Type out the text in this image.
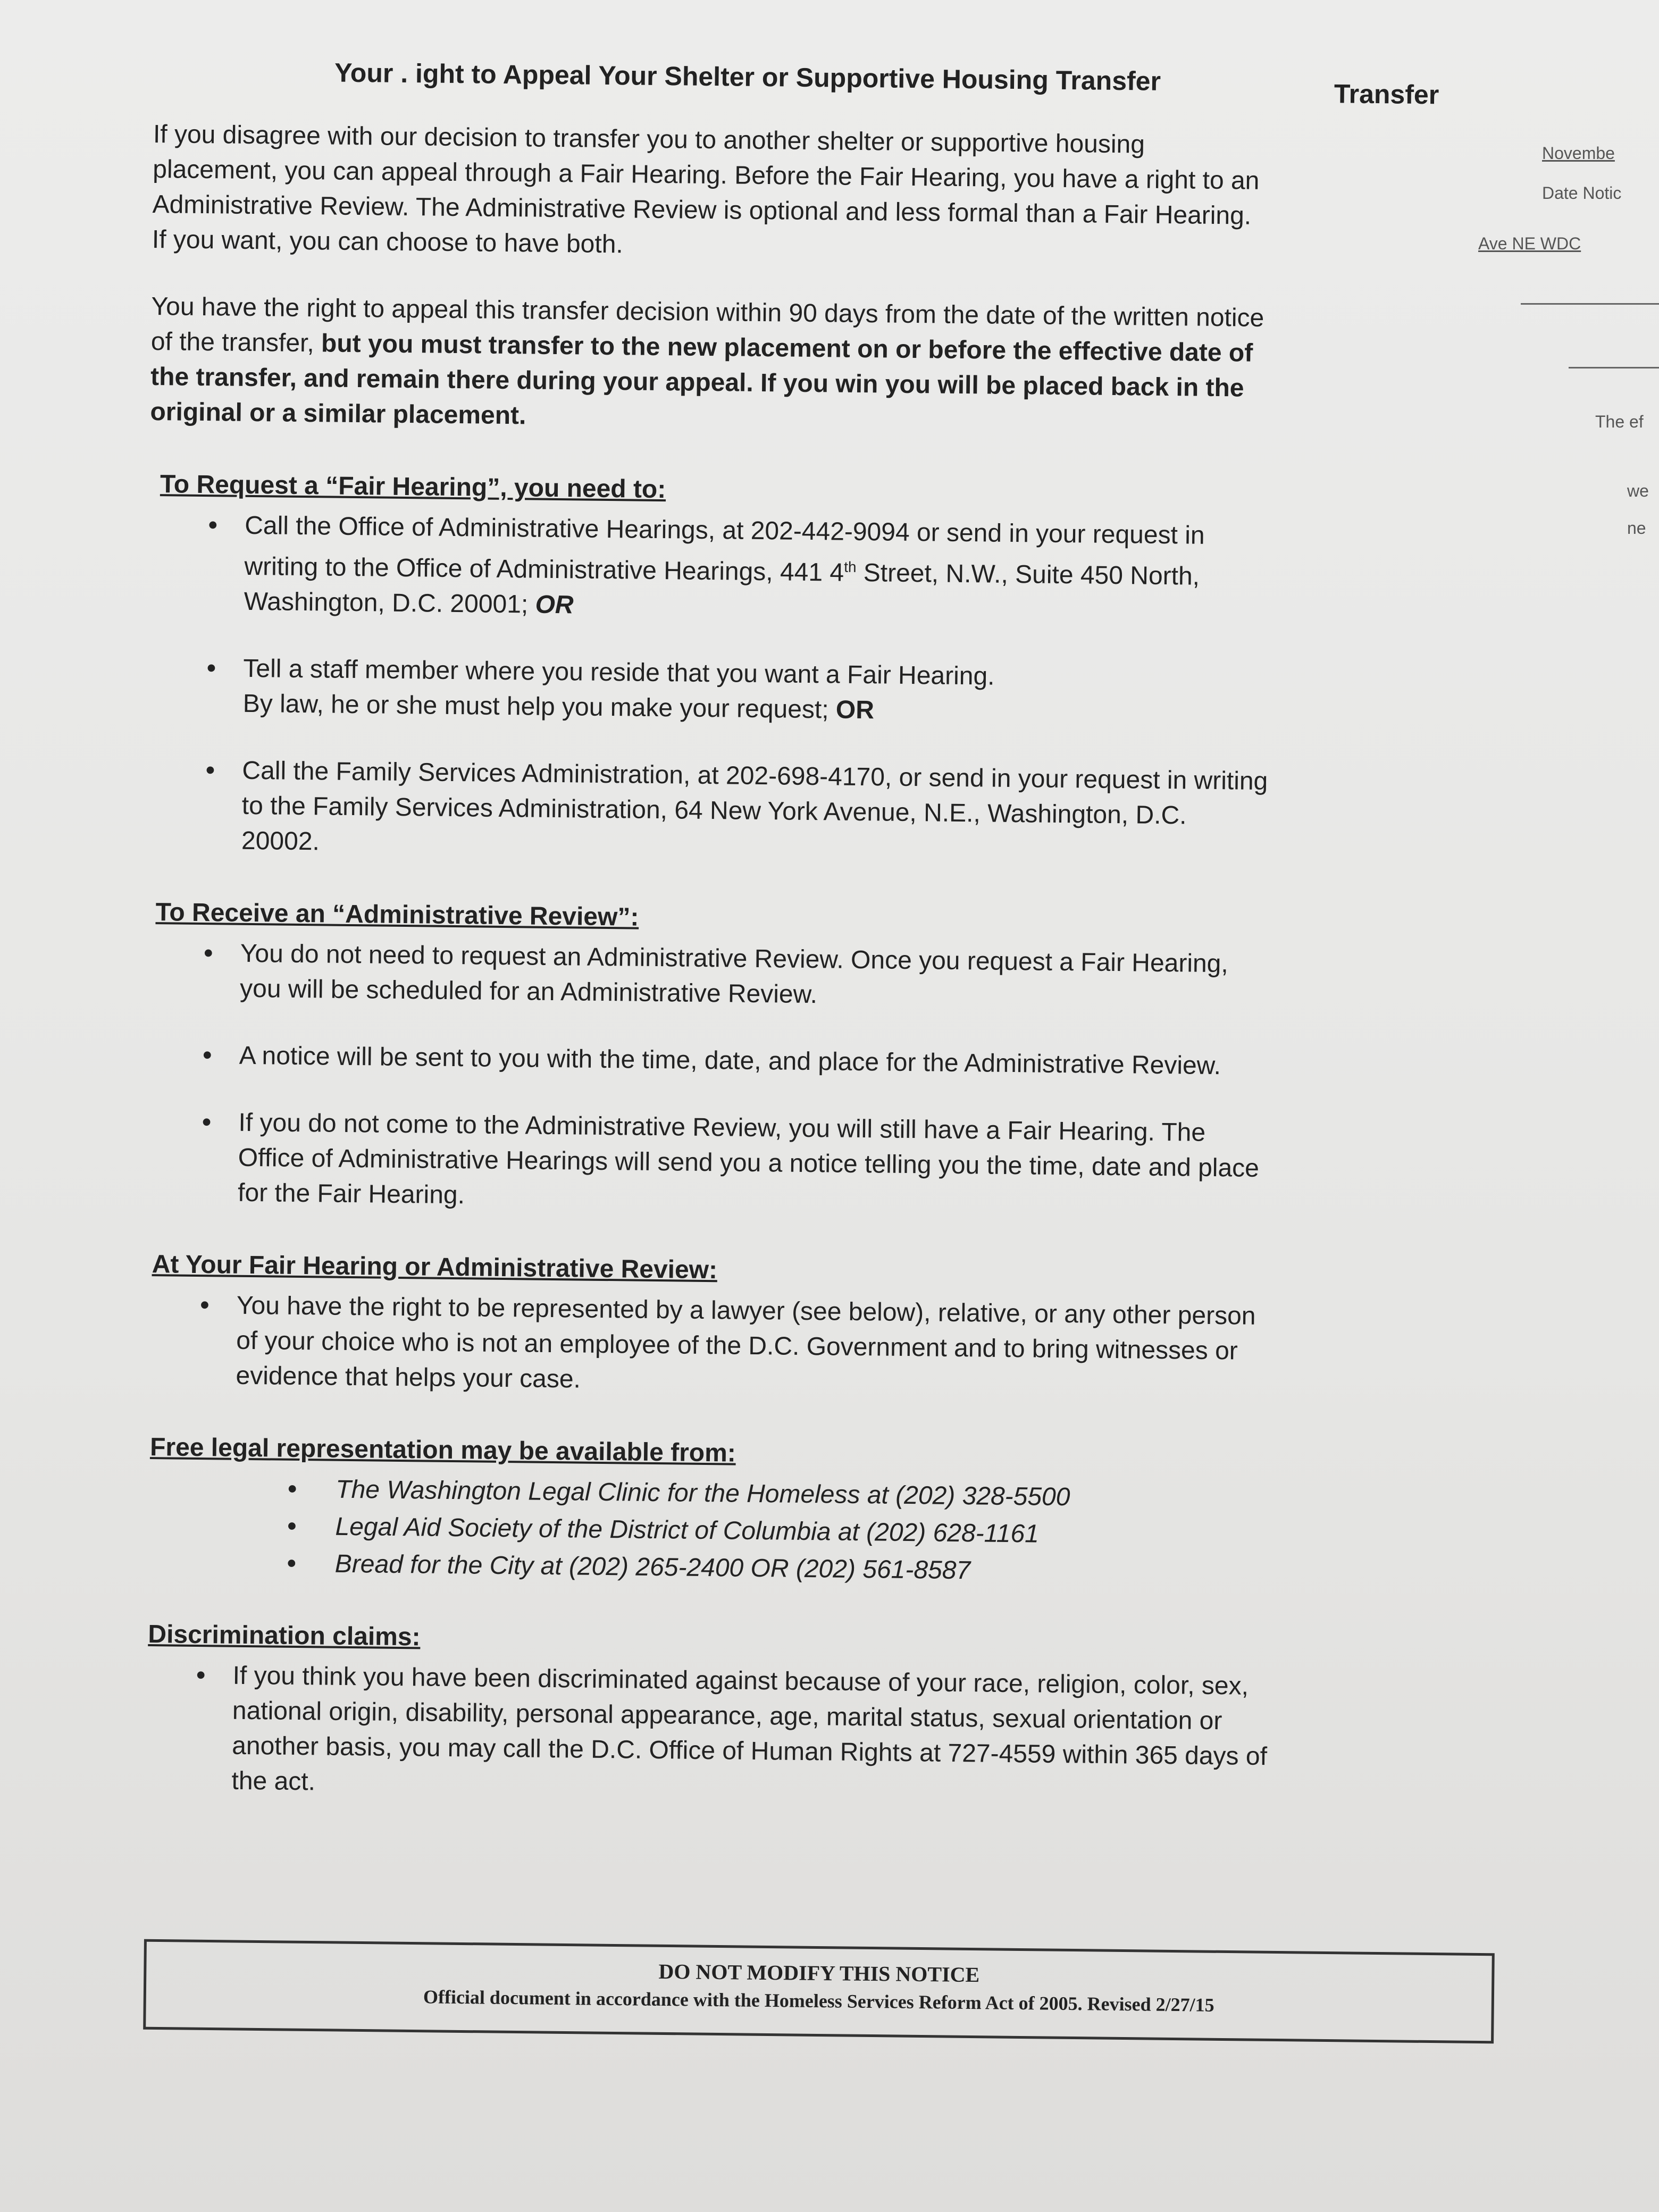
Your . ight to Appeal Your Shelter or Supportive Housing Transfer	Transfer

If you disagree with our decision to transfer you to another shelter or supportive housing
placement, you can appeal through a Fair Hearing. Before the Fair Hearing, you have a right to an
Administrative Review. The Administrative Review is optional and less formal than a Fair Hearing.
If you want, you can choose to have both.

You have the right to appeal this transfer decision within 90 days from the date of the written notice
of the transfer, but you must transfer to the new placement on or before the effective date of
the transfer, and remain there during your appeal. If you win you will be placed back in the
original or a similar placement.

To Request a “Fair Hearing”, you need to:
• Call the Office of Administrative Hearings, at 202-442-9094 or send in your request in
writing to the Office of Administrative Hearings, 441 4th Street, N.W., Suite 450 North,
Washington, D.C. 20001; OR
• Tell a staff member where you reside that you want a Fair Hearing.
By law, he or she must help you make your request; OR
• Call the Family Services Administration, at 202-698-4170, or send in your request in writing
to the Family Services Administration, 64 New York Avenue, N.E., Washington, D.C.
20002.
To Receive an “Administrative Review”:
• You do not need to request an Administrative Review. Once you request a Fair Hearing,
you will be scheduled for an Administrative Review.
• A notice will be sent to you with the time, date, and place for the Administrative Review.
• If you do not come to the Administrative Review, you will still have a Fair Hearing. The
Office of Administrative Hearings will send you a notice telling you the time, date and place
for the Fair Hearing.
At Your Fair Hearing or Administrative Review:
• You have the right to be represented by a lawyer (see below), relative, or any other person
of your choice who is not an employee of the D.C. Government and to bring witnesses or
evidence that helps your case.
Free legal representation may be available from:
• The Washington Legal Clinic for the Homeless at (202) 328-5500
• Legal Aid Society of the District of Columbia at (202) 628-1161
• Bread for the City at (202) 265-2400 OR (202) 561-8587
Discrimination claims:
• If you think you have been discriminated against because of your race, religion, color, sex,
national origin, disability, personal appearance, age, marital status, sexual orientation or
another basis, you may call the D.C. Office of Human Rights at 727-4559 within 365 days of
the act.
DO NOT MODIFY THIS NOTICE
Official document in accordance with the Homeless Services Reform Act of 2005. Revised 2/27/15
Novembe
Date Notic
Ave NE WDC
The ef
we
ne
